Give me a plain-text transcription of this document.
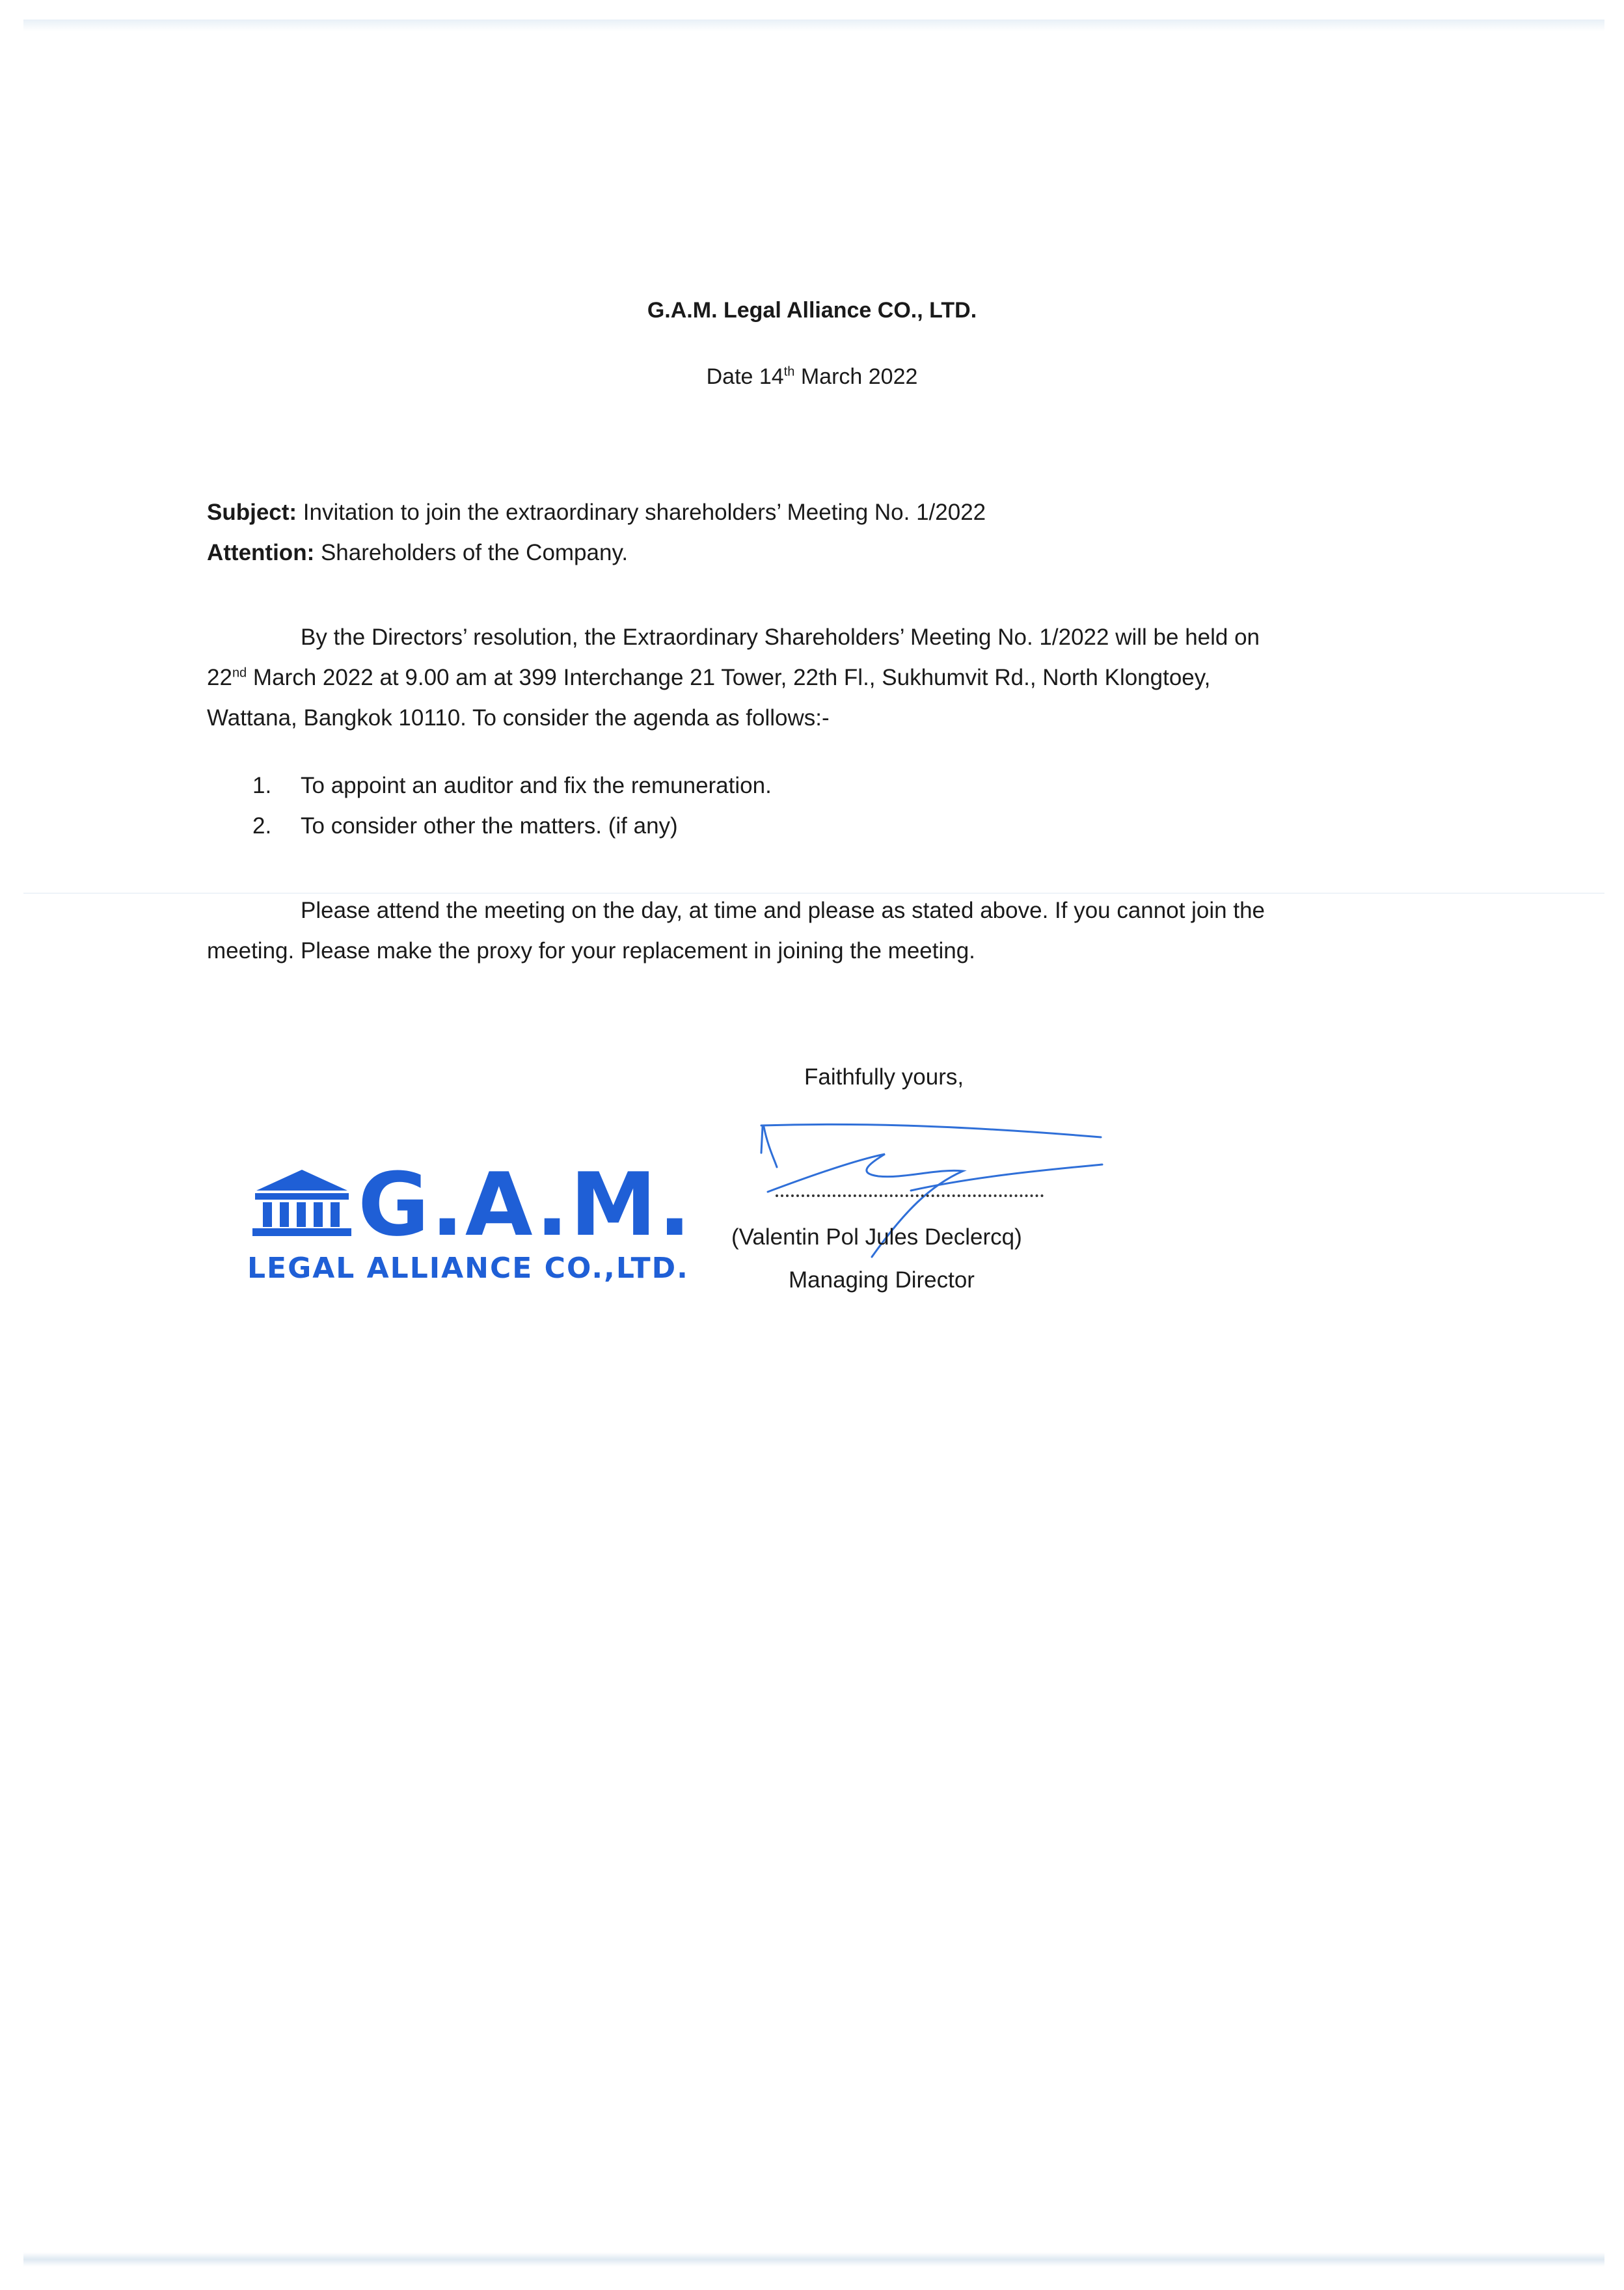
G.A.M. Legal Alliance CO., LTD.
Date 14th March 2022
Subject: Invitation to join the extraordinary shareholders’ Meeting No. 1/2022
Attention: Shareholders of the Company.
By the Directors’ resolution, the Extraordinary Shareholders’ Meeting No. 1/2022 will be held on
22nd March 2022 at 9.00 am at 399 Interchange 21 Tower, 22th Fl., Sukhumvit Rd., North Klongtoey,
Wattana, Bangkok 10110. To consider the agenda as follows:-
1. To appoint an auditor and fix the remuneration.
2. To consider other the matters. (if any)
Please attend the meeting on the day, at time and please as stated above. If you cannot join the
meeting. Please make the proxy for your replacement in joining the meeting.
Faithfully yours,
(Valentin Pol Jules Declercq)
Managing Director
G.A.M.
LEGAL ALLIANCE CO.,LTD.
